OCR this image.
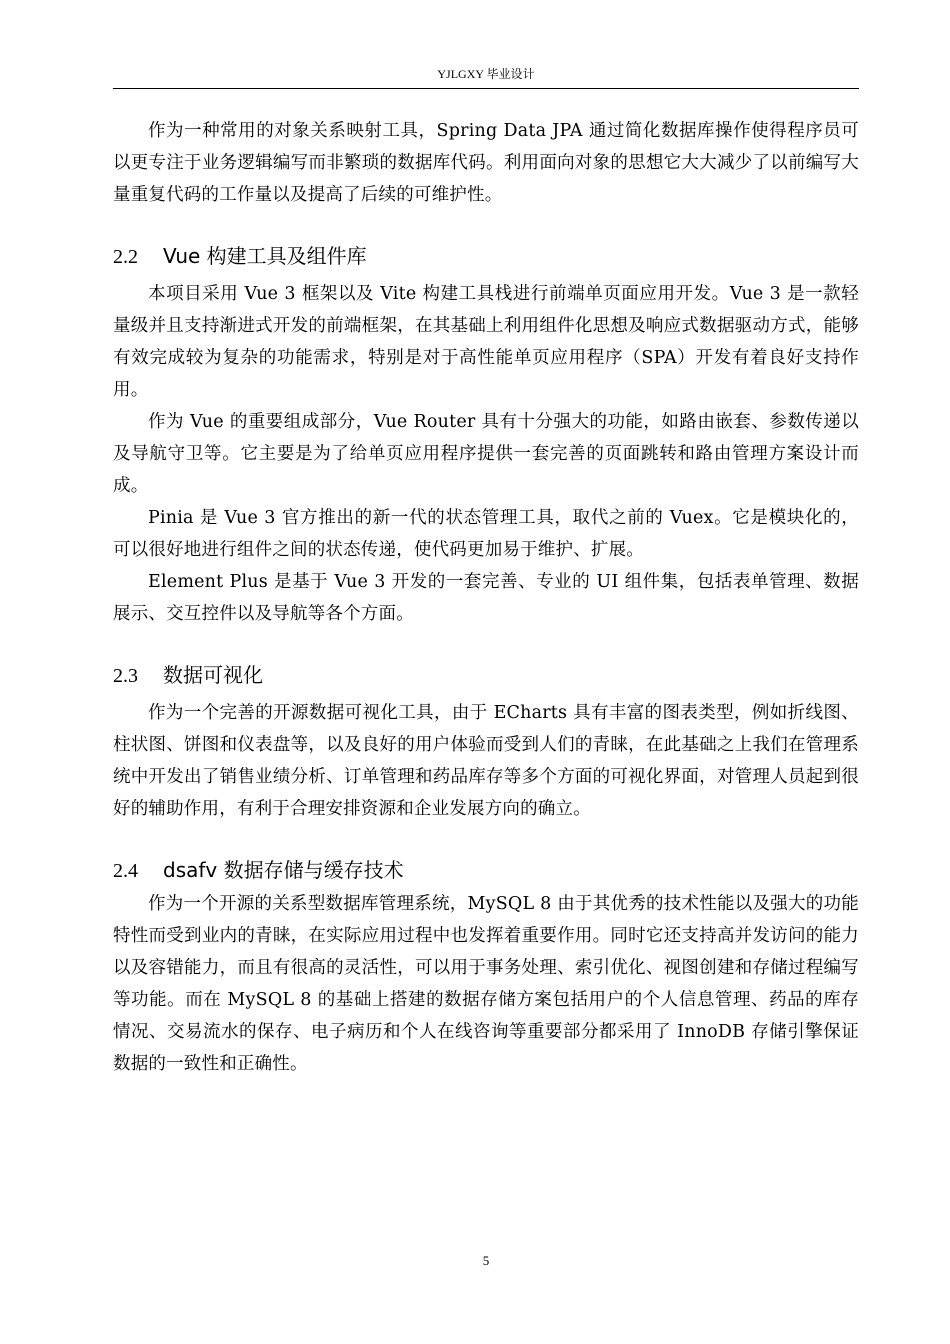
YJLGXY 毕业设计

作为一种常用的对象关系映射工具，Spring Data JPA 通过简化数据库操作使得程序员可以更专注于业务逻辑编写而非繁琐的数据库代码。利用面向对象的思想它大大减少了以前编写大量重复代码的工作量以及提高了后续的可维护性。

2.2 Vue 构建工具及组件库

本项目采用 Vue 3 框架以及 Vite 构建工具栈进行前端单页面应用开发。Vue 3 是一款轻量级并且支持渐进式开发的前端框架，在其基础上利用组件化思想及响应式数据驱动方式，能够有效完成较为复杂的功能需求，特别是对于高性能单页应用程序（SPA）开发有着良好支持作用。

作为 Vue 的重要组成部分，Vue Router 具有十分强大的功能，如路由嵌套、参数传递以及导航守卫等。它主要是为了给单页应用程序提供一套完善的页面跳转和路由管理方案设计而成。

Pinia 是 Vue 3 官方推出的新一代的状态管理工具，取代之前的 Vuex。它是模块化的，可以很好地进行组件之间的状态传递，使代码更加易于维护、扩展。

Element Plus 是基于 Vue 3 开发的一套完善、专业的 UI 组件集，包括表单管理、数据展示、交互控件以及导航等各个方面。

2.3 数据可视化

作为一个完善的开源数据可视化工具，由于 ECharts 具有丰富的图表类型，例如折线图、柱状图、饼图和仪表盘等，以及良好的用户体验而受到人们的青睐，在此基础之上我们在管理系统中开发出了销售业绩分析、订单管理和药品库存等多个方面的可视化界面，对管理人员起到很好的辅助作用，有利于合理安排资源和企业发展方向的确立。

2.4 dsafv 数据存储与缓存技术

作为一个开源的关系型数据库管理系统，MySQL 8 由于其优秀的技术性能以及强大的功能特性而受到业内的青睐，在实际应用过程中也发挥着重要作用。同时它还支持高并发访问的能力以及容错能力，而且有很高的灵活性，可以用于事务处理、索引优化、视图创建和存储过程编写等功能。而在 MySQL 8 的基础上搭建的数据存储方案包括用户的个人信息管理、药品的库存情况、交易流水的保存、电子病历和个人在线咨询等重要部分都采用了 InnoDB 存储引擎保证数据的一致性和正确性。

5
